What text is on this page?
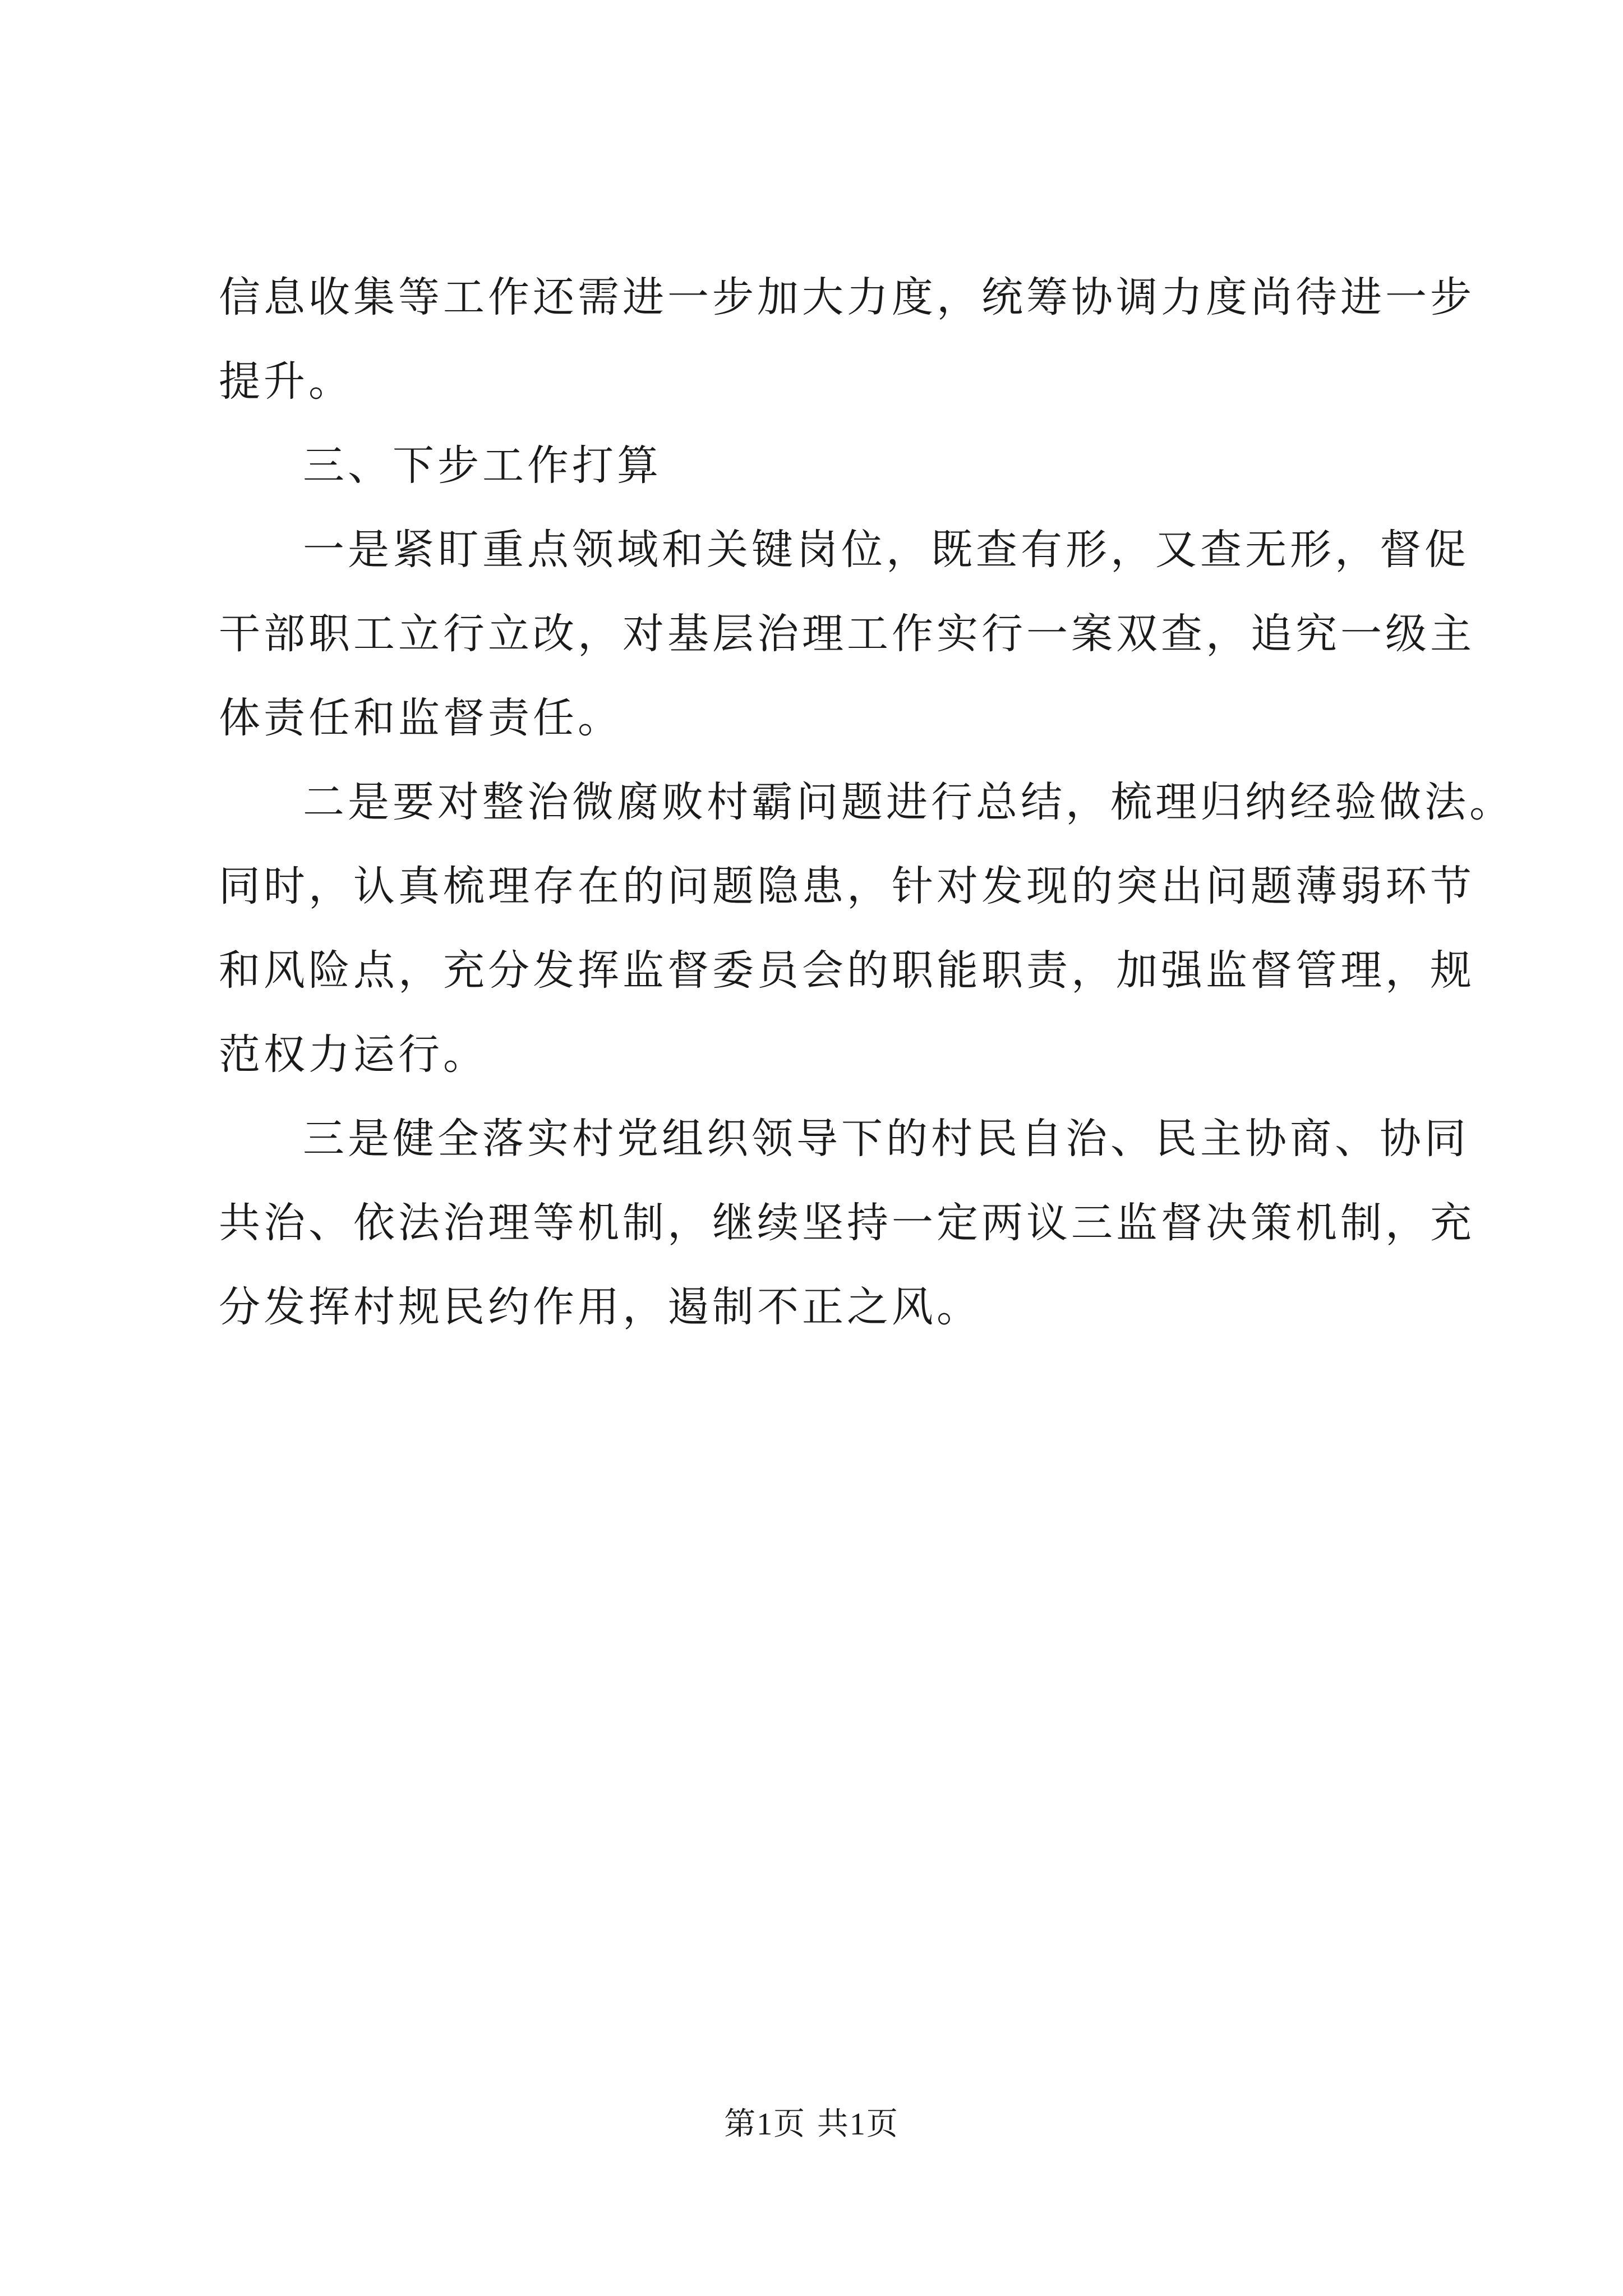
信息收集等工作还需进一步加大力度，统筹协调力度尚待进一步
提升。
三、下步工作打算
一是紧盯重点领域和关键岗位，既查有形，又查无形，督促
干部职工立行立改，对基层治理工作实行一案双查，追究一级主
体责任和监督责任。
二是要对整治微腐败村霸问题进行总结，梳理归纳经验做法。
同时，认真梳理存在的问题隐患，针对发现的突出问题薄弱环节
和风险点，充分发挥监督委员会的职能职责，加强监督管理，规
范权力运行。
三是健全落实村党组织领导下的村民自治、民主协商、协同
共治、依法治理等机制，继续坚持一定两议三监督决策机制，充
分发挥村规民约作用，遏制不正之风。
第1页 共1页
